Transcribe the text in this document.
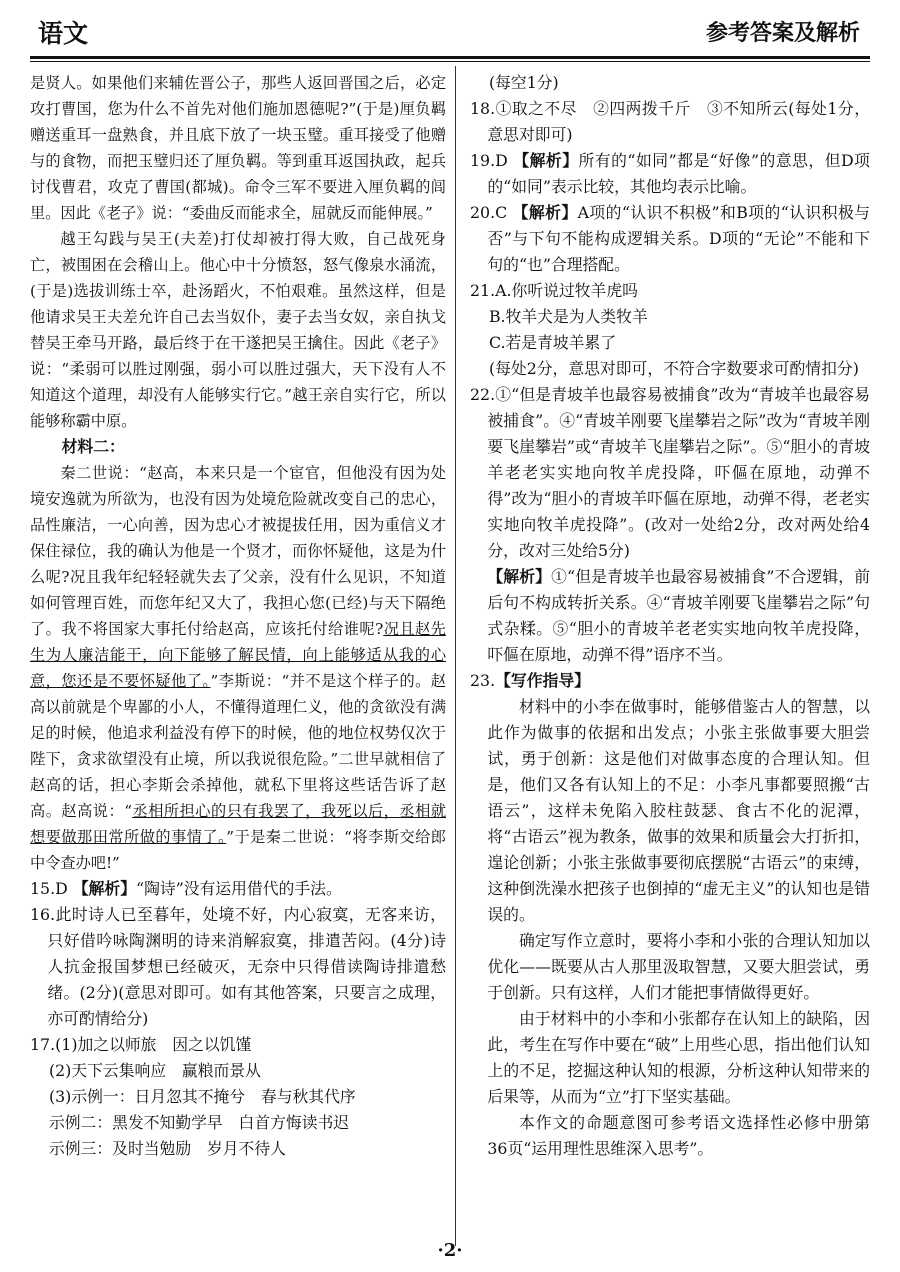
语文	参考答案及解析

是贤人。如果他们来辅佐晋公子，那些人返回晋国之后，必定攻打曹国，您为什么不首先对他们施加恩德呢?”(于是)厘负羁赠送重耳一盘熟食，并且底下放了一块玉璧。重耳接受了他赠与的食物，而把玉璧归还了厘负羁。等到重耳返国执政，起兵讨伐曹君，攻克了曹国(都城)。命令三军不要进入厘负羁的闾里。因此《老子》说：“委曲反而能求全，屈就反而能伸展。”

越王勾践与吴王(夫差)打仗却被打得大败，自己战死身亡，被围困在会稽山上。他心中十分愤怒，怒气像泉水涌流，(于是)选拔训练士卒，赴汤蹈火，不怕艰难。虽然这样，但是他请求吴王夫差允许自己去当奴仆，妻子去当女奴，亲自执戈替吴王牵马开路，最后终于在干遂把吴王擒住。因此《老子》说：“柔弱可以胜过刚强，弱小可以胜过强大，天下没有人不知道这个道理，却没有人能够实行它。”越王亲自实行它，所以能够称霸中原。

材料二：

秦二世说：“赵高，本来只是一个宦官，但他没有因为处境安逸就为所欲为，也没有因为处境危险就改变自己的忠心，品性廉洁，一心向善，因为忠心才被提拔任用，因为重信义才保住禄位，我的确认为他是一个贤才，而你怀疑他，这是为什么呢?况且我年纪轻轻就失去了父亲，没有什么见识，不知道如何管理百姓，而您年纪又大了，我担心您(已经)与天下隔绝了。我不将国家大事托付给赵高，应该托付给谁呢?况且赵先生为人廉洁能干，向下能够了解民情，向上能够适从我的心意，您还是不要怀疑他了。”李斯说：“并不是这个样子的。赵高以前就是个卑鄙的小人，不懂得道理仁义，他的贪欲没有满足的时候，他追求利益没有停下的时候，他的地位权势仅次于陛下，贪求欲望没有止境，所以我说很危险。”二世早就相信了赵高的话，担心李斯会杀掉他，就私下里将这些话告诉了赵高。赵高说：“丞相所担心的只有我罢了，我死以后，丞相就想要做那田常所做的事情了。”于是秦二世说：“将李斯交给郎中令查办吧!”

15.D 【解析】“陶诗”没有运用借代的手法。

16.此时诗人已至暮年，处境不好，内心寂寞，无客来访，只好借吟咏陶渊明的诗来消解寂寞，排遣苦闷。(4分)诗人抗金报国梦想已经破灭，无奈中只得借读陶诗排遣愁绪。(2分)(意思对即可。如有其他答案，只要言之成理，亦可酌情给分)

17.(1)加之以师旅　因之以饥馑

(2)天下云集响应　赢粮而景从

(3)示例一：日月忽其不掩兮　春与秋其代序

示例二：黑发不知勤学早　白首方悔读书迟

示例三：及时当勉励　岁月不待人

(每空1分)

18.①取之不尽　②四两拨千斤　③不知所云(每处1分，意思对即可)

19.D 【解析】所有的“如同”都是“好像”的意思，但D项的“如同”表示比较，其他均表示比喻。

20.C 【解析】A项的“认识不积极”和B项的“认识积极与否”与下句不能构成逻辑关系。D项的“无论”不能和下句的“也”合理搭配。

21.A.你听说过牧羊虎吗

B.牧羊犬是为人类牧羊

C.若是青坡羊累了

(每处2分，意思对即可，不符合字数要求可酌情扣分)

22.①“但是青坡羊也最容易被捕食”改为“青坡羊也最容易被捕食”。④“青坡羊刚要飞崖攀岩之际”改为“青坡羊刚要飞崖攀岩”或“青坡羊飞崖攀岩之际”。⑤“胆小的青坡羊老老实实地向牧羊虎投降，吓傴在原地，动弹不得”改为“胆小的青坡羊吓傴在原地，动弹不得，老老实实地向牧羊虎投降”。(改对一处给2分，改对两处给4分，改对三处给5分)

【解析】①“但是青坡羊也最容易被捕食”不合逻辑，前后句不构成转折关系。④“青坡羊刚要飞崖攀岩之际”句式杂糅。⑤“胆小的青坡羊老老实实地向牧羊虎投降，吓傴在原地，动弹不得”语序不当。

23.【写作指导】

材料中的小李在做事时，能够借鉴古人的智慧，以此作为做事的依据和出发点；小张主张做事要大胆尝试，勇于创新：这是他们对做事态度的合理认知。但是，他们又各有认知上的不足：小李凡事都要照搬“古语云”，这样未免陷入胶柱鼓瑟、食古不化的泥潭，将“古语云”视为教条，做事的效果和质量会大打折扣，遑论创新；小张主张做事要彻底摆脱“古语云”的束缚，这种倒洗澡水把孩子也倒掉的“虚无主义”的认知也是错误的。

确定写作立意时，要将小李和小张的合理认知加以优化——既要从古人那里汲取智慧，又要大胆尝试，勇于创新。只有这样，人们才能把事情做得更好。

由于材料中的小李和小张都存在认知上的缺陷，因此，考生在写作中要在“破”上用些心思，指出他们认知上的不足，挖掘这种认知的根源，分析这种认知带来的后果等，从而为“立”打下坚实基础。

本作文的命题意图可参考语文选择性必修中册第36页“运用理性思维深入思考”。

·2·
